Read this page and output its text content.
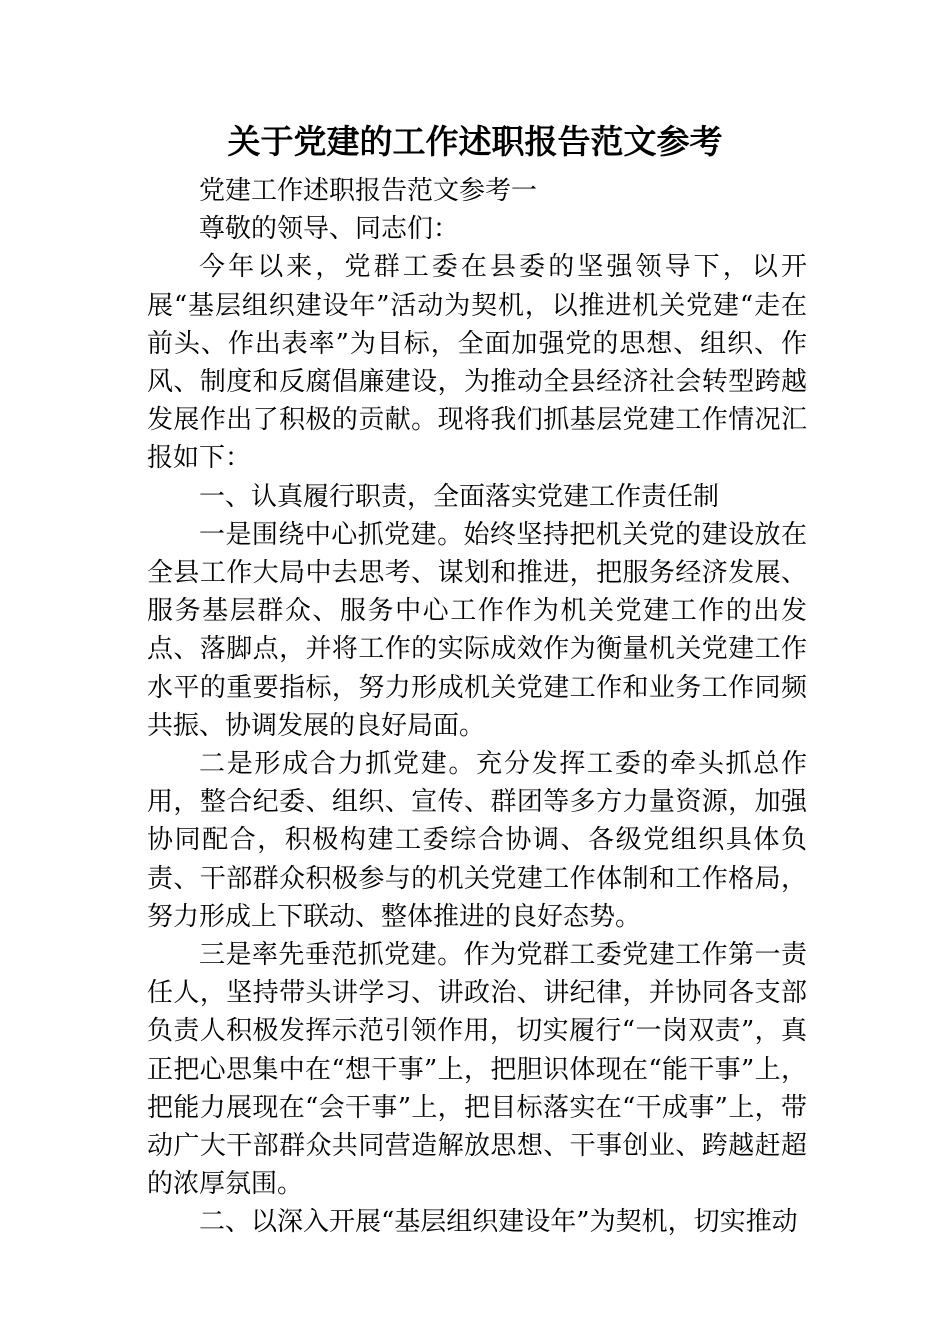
关于党建的工作述职报告范文参考

党建工作述职报告范文参考一

尊敬的领导、同志们：

今年以来，党群工委在县委的坚强领导下，以开展“基层组织建设年”活动为契机，以推进机关党建“走在前头、作出表率”为目标，全面加强党的思想、组织、作风、制度和反腐倡廉建设，为推动全县经济社会转型跨越发展作出了积极的贡献。现将我们抓基层党建工作情况汇报如下：

一、认真履行职责，全面落实党建工作责任制

一是围绕中心抓党建。始终坚持把机关党的建设放在全县工作大局中去思考、谋划和推进，把服务经济发展、服务基层群众、服务中心工作作为机关党建工作的出发点、落脚点，并将工作的实际成效作为衡量机关党建工作水平的重要指标，努力形成机关党建工作和业务工作同频共振、协调发展的良好局面。

二是形成合力抓党建。充分发挥工委的牵头抓总作用，整合纪委、组织、宣传、群团等多方力量资源，加强协同配合，积极构建工委综合协调、各级党组织具体负责、干部群众积极参与的机关党建工作体制和工作格局，努力形成上下联动、整体推进的良好态势。

三是率先垂范抓党建。作为党群工委党建工作第一责任人，坚持带头讲学习、讲政治、讲纪律，并协同各支部负责人积极发挥示范引领作用，切实履行“一岗双责”，真正把心思集中在“想干事”上，把胆识体现在“能干事”上，把能力展现在“会干事”上，把目标落实在“干成事”上，带动广大干部群众共同营造解放思想、干事创业、跨越赶超的浓厚氛围。

二、以深入开展“基层组织建设年”为契机，切实推动
